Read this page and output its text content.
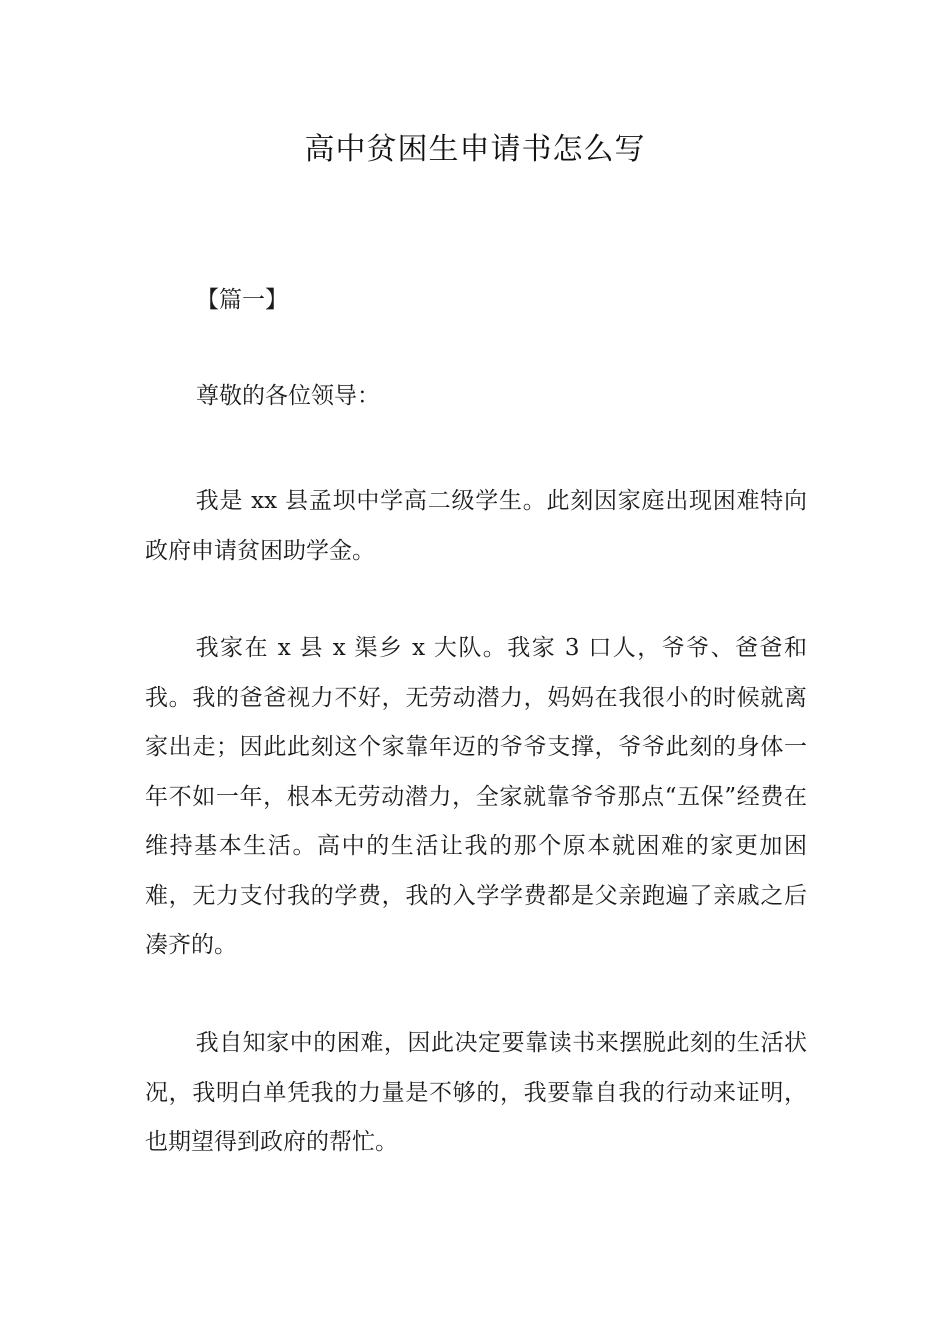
高中贫困生申请书怎么写
【篇一】
尊敬的各位领导：

我是 xx 县孟坝中学高二级学生。此刻因家庭出现困难特向政府申请贫困助学金。

我家在 x 县 x 渠乡 x 大队。我家 3 口人，爷爷、爸爸和我。我的爸爸视力不好，无劳动潜力，妈妈在我很小的时候就离家出走；因此此刻这个家靠年迈的爷爷支撑，爷爷此刻的身体一年不如一年，根本无劳动潜力，全家就靠爷爷那点“五保”经费在维持基本生活。高中的生活让我的那个原本就困难的家更加困难，无力支付我的学费，我的入学学费都是父亲跑遍了亲戚之后凑齐的。

我自知家中的困难，因此决定要靠读书来摆脱此刻的生活状况，我明白单凭我的力量是不够的，我要靠自我的行动来证明，也期望得到政府的帮忙。
